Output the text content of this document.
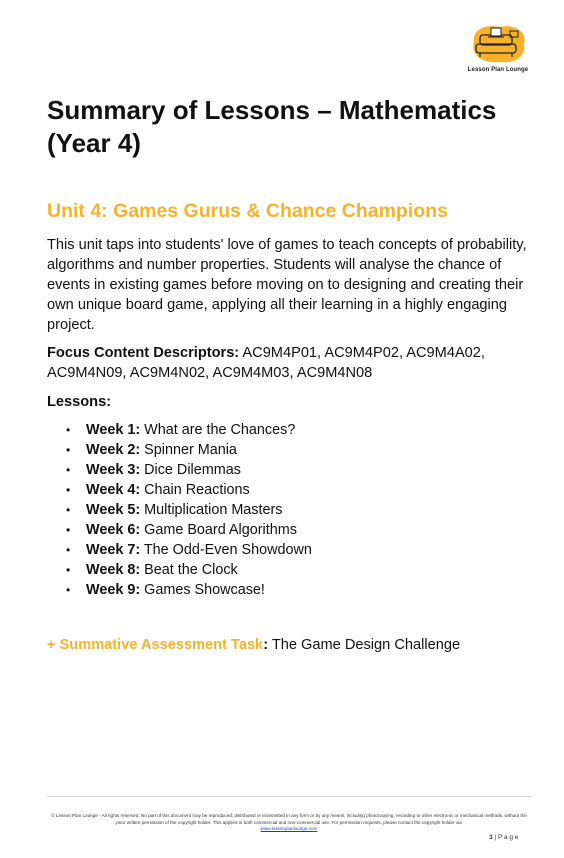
Lesson Plan Lounge
Summary of Lessons – Mathematics (Year 4)
Unit 4: Games Gurus & Chance Champions

This unit taps into students' love of games to teach concepts of probability, algorithms and number properties. Students will analyse the chance of events in existing games before moving on to designing and creating their own unique board game, applying all their learning in a highly engaging project.

Focus Content Descriptors: AC9M4P01, AC9M4P02, AC9M4A02, AC9M4N09, AC9M4N02, AC9M4M03, AC9M4N08

Lessons:

• Week 1: What are the Chances?
• Week 2: Spinner Mania
• Week 3: Dice Dilemmas
• Week 4: Chain Reactions
• Week 5: Multiplication Masters
• Week 6: Game Board Algorithms
• Week 7: The Odd-Even Showdown
• Week 8: Beat the Clock
• Week 9: Games Showcase!

+ Summative Assessment Task: The Game Design Challenge

© Lesson Plan Lounge - All rights reserved. No part of this document may be reproduced, distributed or transmitted in any form or by any means, including photocopying, recording or other electronic or mechanical methods, without the prior written permission of the copyright holder. This applies to both commercial and non-commercial use. For permission requests, please contact the copyright holder via
www.lessonplanlounge.com

3 | P a g e
